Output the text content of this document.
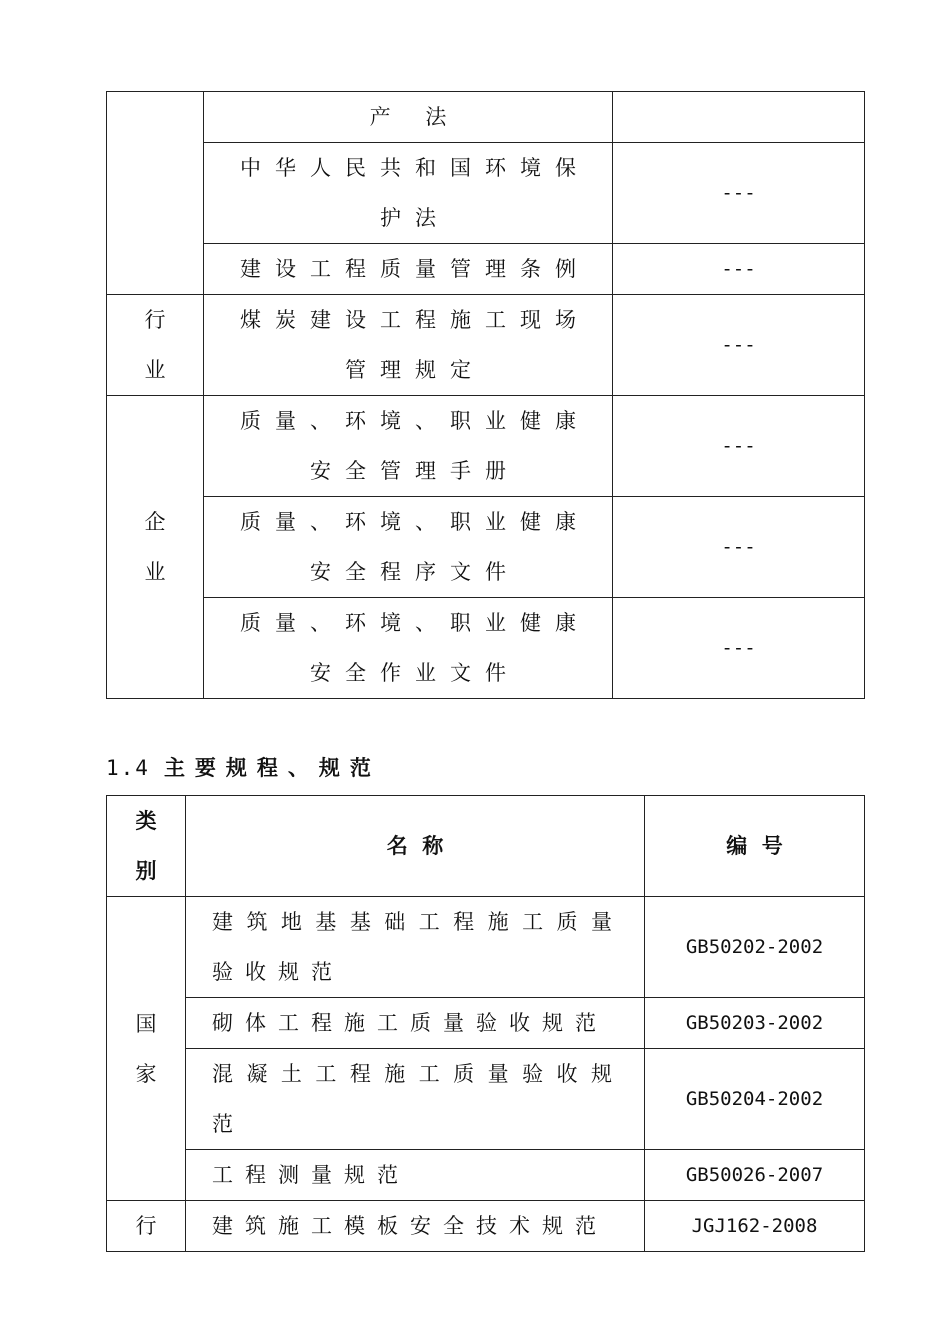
	产 法	
	中华人民共和国环境保护法	---
	建设工程质量管理条例	---

行业	煤炭建设工程施工现场管理规定	---

企业	质量、环境、职业健康安全管理手册	---
	质量、环境、职业健康安全程序文件	---
	质量、环境、职业健康安全作业文件	---
1.4 主要规程、规范
类别	名  称	编  号

国家	建筑地基基础工程施工质量验收规范	GB50202-2002
	砌体工程施工质量验收规范	GB50203-2002
	混凝土工程施工质量验收规范	GB50204-2002
	工程测量规范	GB50026-2007

行	建筑施工模板安全技术规范	JGJ162-2008
